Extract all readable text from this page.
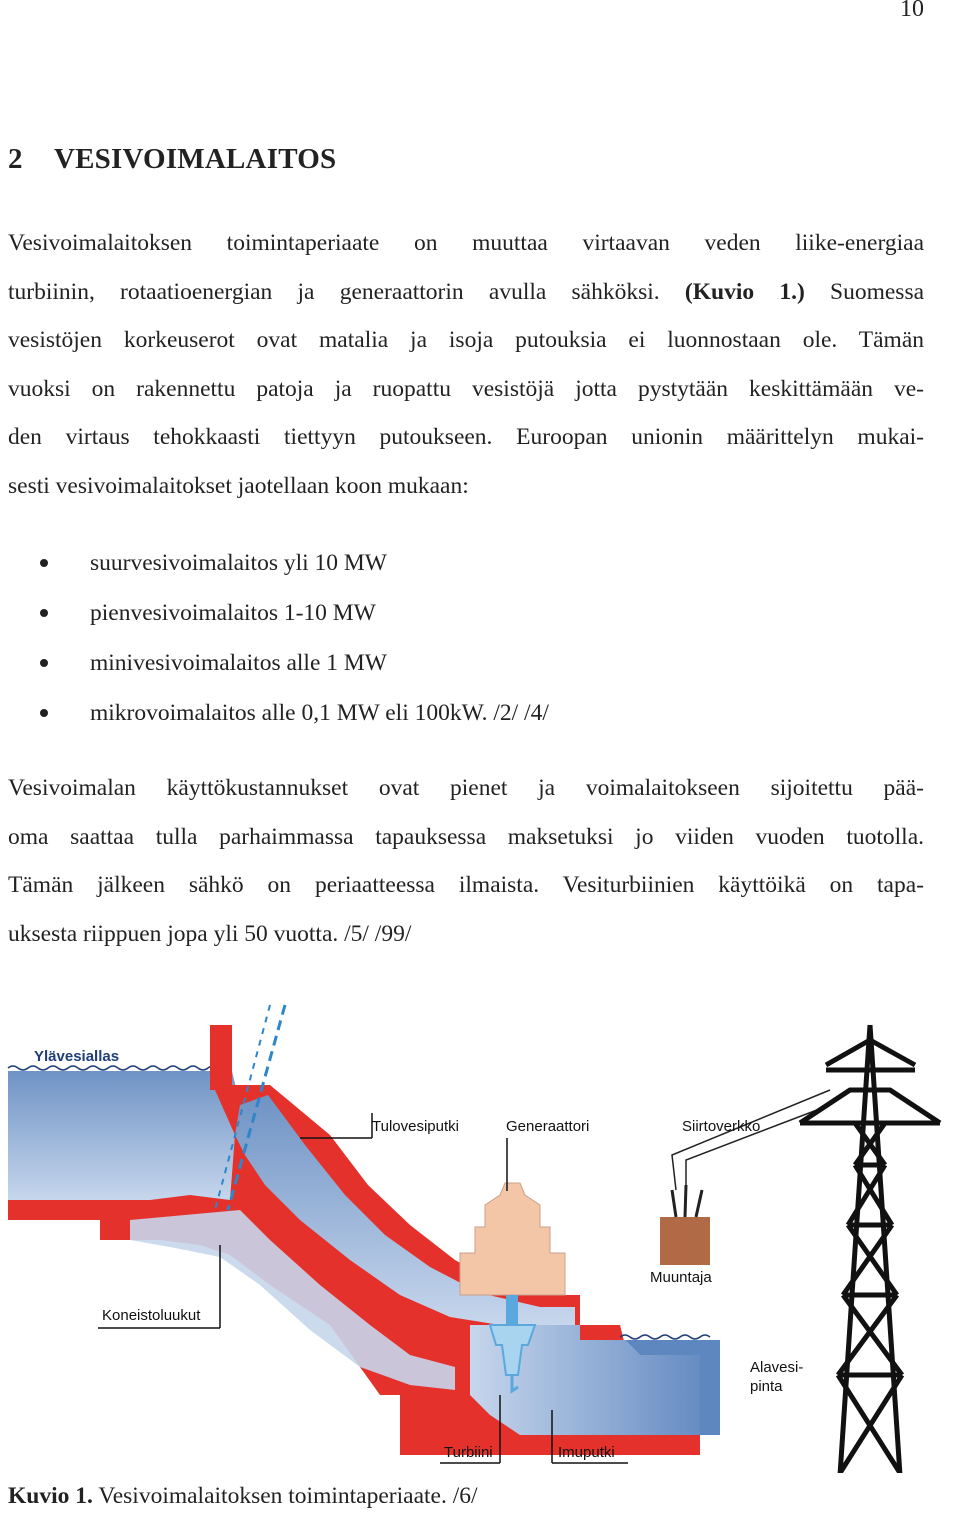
10
2 VESIVOIMALAITOS
Vesivoimalaitoksen toimintaperiaate on muuttaa virtaavan veden liike-energiaa
turbiinin, rotaatioenergian ja generaattorin avulla sähköksi. (Kuvio 1.) Suomessa
vesistöjen korkeuserot ovat matalia ja isoja putouksia ei luonnostaan ole. Tämän
vuoksi on rakennettu patoja ja ruopattu vesistöjä jotta pystytään keskittämään ve-
den virtaus tehokkaasti tiettyyn putoukseen. Euroopan unionin määrittelyn mukai-
sesti vesivoimalaitokset jaotellaan koon mukaan:
suurvesivoimalaitos yli 10 MW
pienvesivoimalaitos 1-10 MW
minivesivoimalaitos alle 1 MW
mikrovoimalaitos alle 0,1 MW eli 100kW. /2/ /4/
Vesivoimalan käyttökustannukset ovat pienet ja voimalaitokseen sijoitettu pää-
oma saattaa tulla parhaimmassa tapauksessa maksetuksi jo viiden vuoden tuotolla.
Tämän jälkeen sähkö on periaatteessa ilmaista. Vesiturbiinien käyttöikä on tapa-
uksesta riippuen jopa yli 50 vuotta. /5/ /99/
Ylävesiallas
Tulovesiputki	Generaattori	Siirtoverkko
Muuntaja
Koneistoluukut
Alavesi-
pinta
Turbiini	Imuputki
Kuvio 1. Vesivoimalaitoksen toimintaperiaate. /6/
